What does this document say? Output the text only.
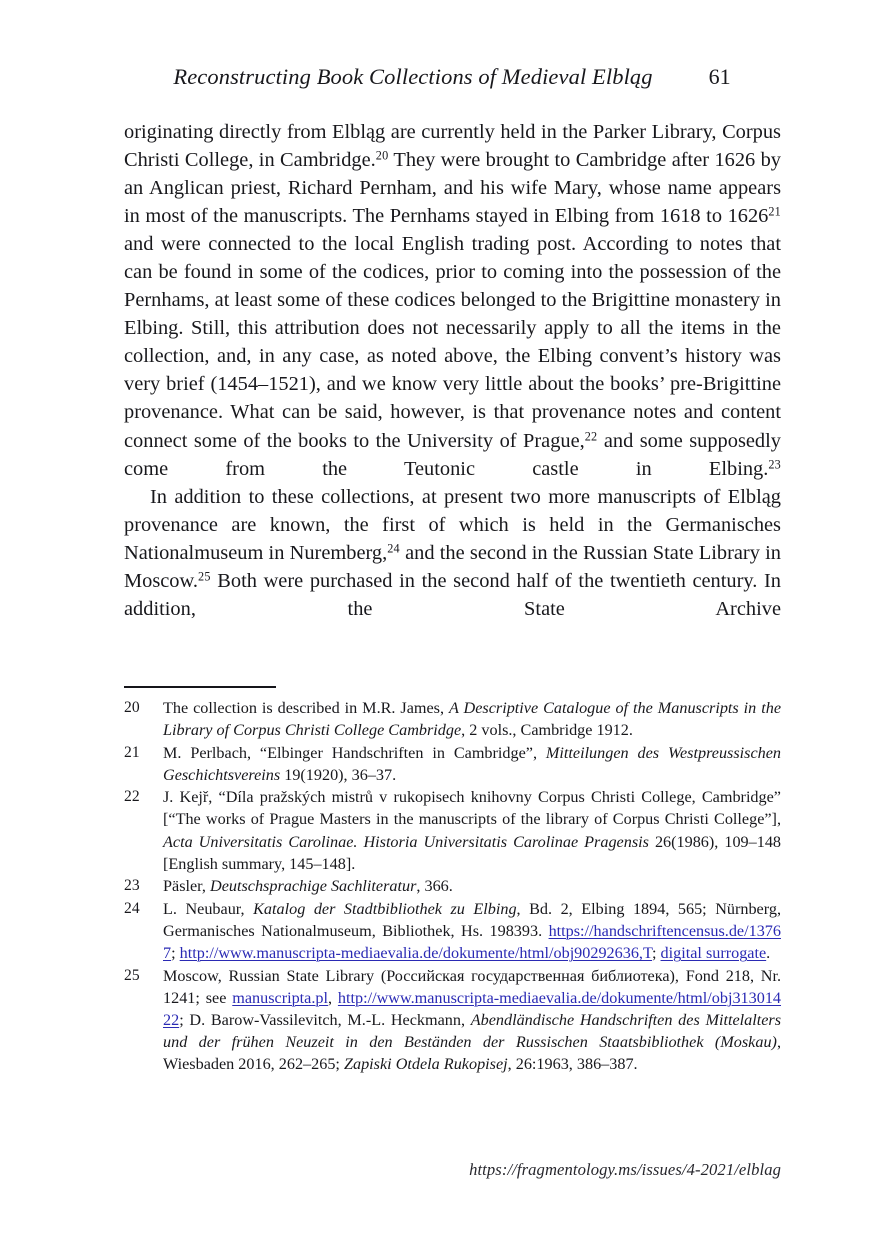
Reconstructing Book Collections of Medieval Elbląg	61

originating directly from Elbląg are currently held in the Parker Library, Corpus Christi College, in Cambridge.$^{20}$ They were brought to Cambridge after 1626 by an Anglican priest, Richard Pernham, and his wife Mary, whose name appears in most of the manuscripts. The Pernhams stayed in Elbing from 1618 to 1626$^{21}$ and were connected to the local English trading post. According to notes that can be found in some of the codices, prior to coming into the possession of the Pernhams, at least some of these codices belonged to the Brigittine monastery in Elbing. Still, this attribution does not necessarily apply to all the items in the collection, and, in any case, as noted above, the Elbing convent’s history was very brief (1454–1521), and we know very little about the books’ pre-Brigittine provenance. What can be said, however, is that provenance notes and content connect some of the books to the University of Prague,$^{22}$ and some supposedly come from the Teutonic castle in Elbing.$^{23}$

In addition to these collections, at present two more manuscripts of Elbląg provenance are known, the first of which is held in the Germanisches Nationalmuseum in Nuremberg,$^{24}$ and the second in the Russian State Library in Moscow.$^{25}$ Both were purchased in the second half of the twentieth century. In addition, the State Archive

20	The collection is described in M.R. James, A Descriptive Catalogue of the Manuscripts in the Library of Corpus Christi College Cambridge, 2 vols., Cambridge 1912.
21	M. Perlbach, “Elbinger Handschriften in Cambridge”, Mitteilungen des Westpreussischen Geschichtsvereins 19(1920), 36–37.
22	J. Kejř, “Díla pražských mistrů v rukopisech knihovny Corpus Christi College, Cambridge” [“The works of Prague Masters in the manuscripts of the library of Corpus Christi College”], Acta Universitatis Carolinae. Historia Universitatis Carolinae Pragensis 26(1986), 109–148 [English summary, 145–148].
23	Päsler, Deutschsprachige Sachliteratur, 366.
24	L. Neubaur, Katalog der Stadtbibliothek zu Elbing, Bd. 2, Elbing 1894, 565; Nürnberg, Germanisches Nationalmuseum, Bibliothek, Hs. 198393. https://handschriftencensus.de/13767; http://www.manuscripta-mediaevalia.de/dokumente/html/obj90292636,T; digital surrogate.
25	Moscow, Russian State Library (Российская государственная библиотека), Fond 218, Nr. 1241; see manuscripta.pl, http://www.manuscripta-mediaevalia.de/dokumente/html/obj31301422; D. Barow-Vassilevitch, M.-L. Heckmann, Abendländische Handschriften des Mittelalters und der frühen Neuzeit in den Beständen der Russischen Staatsbibliothek (Moskau), Wiesbaden 2016, 262–265; Zapiski Otdela Rukopisej, 26:1963, 386–387.
https://fragmentology.ms/issues/4-2021/elblag
